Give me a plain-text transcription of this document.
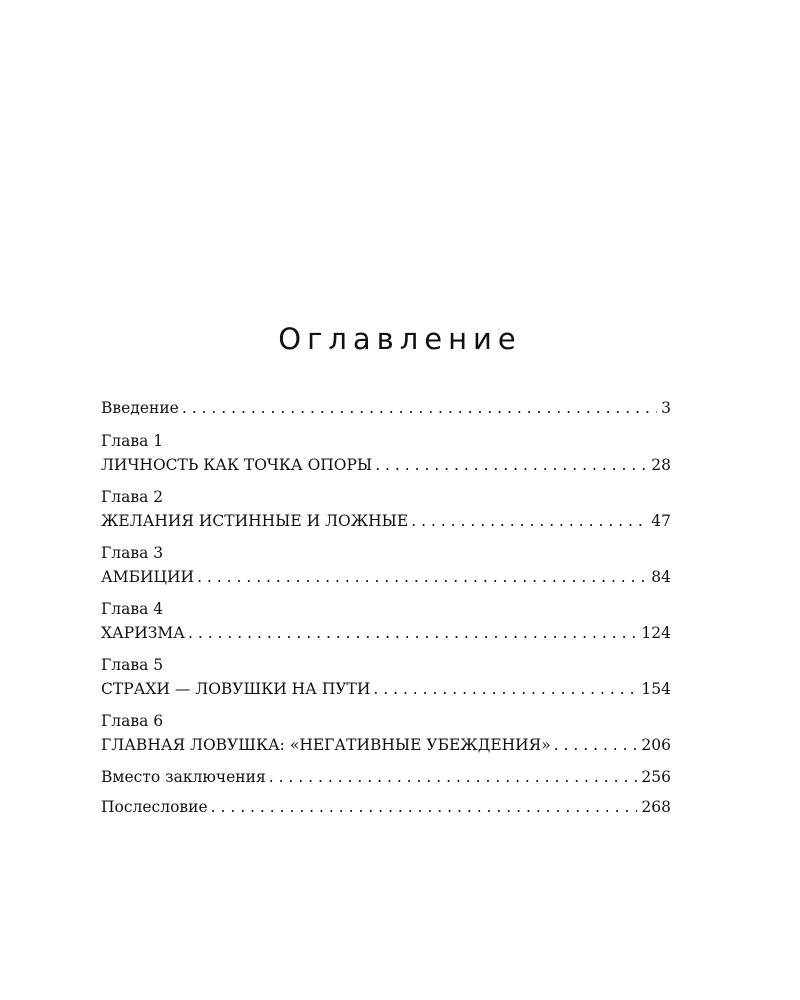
Оглавление
Введение . . .	3
Глава 1
ЛИЧНОСТЬ КАК ТОЧКА ОПОРЫ . . .	28
Глава 2
ЖЕЛАНИЯ ИСТИННЫЕ И ЛОЖНЫЕ . . .	47
Глава 3
АМБИЦИИ . . .	84
Глава 4
ХАРИЗМА . . .	124
Глава 5
СТРАХИ — ЛОВУШКИ НА ПУТИ . . .	154
Глава 6
ГЛАВНАЯ ЛОВУШКА: «НЕГАТИВНЫЕ УБЕЖДЕНИЯ» . . .	206
Вместо заключения . . .	256
Послесловие . . .	268
